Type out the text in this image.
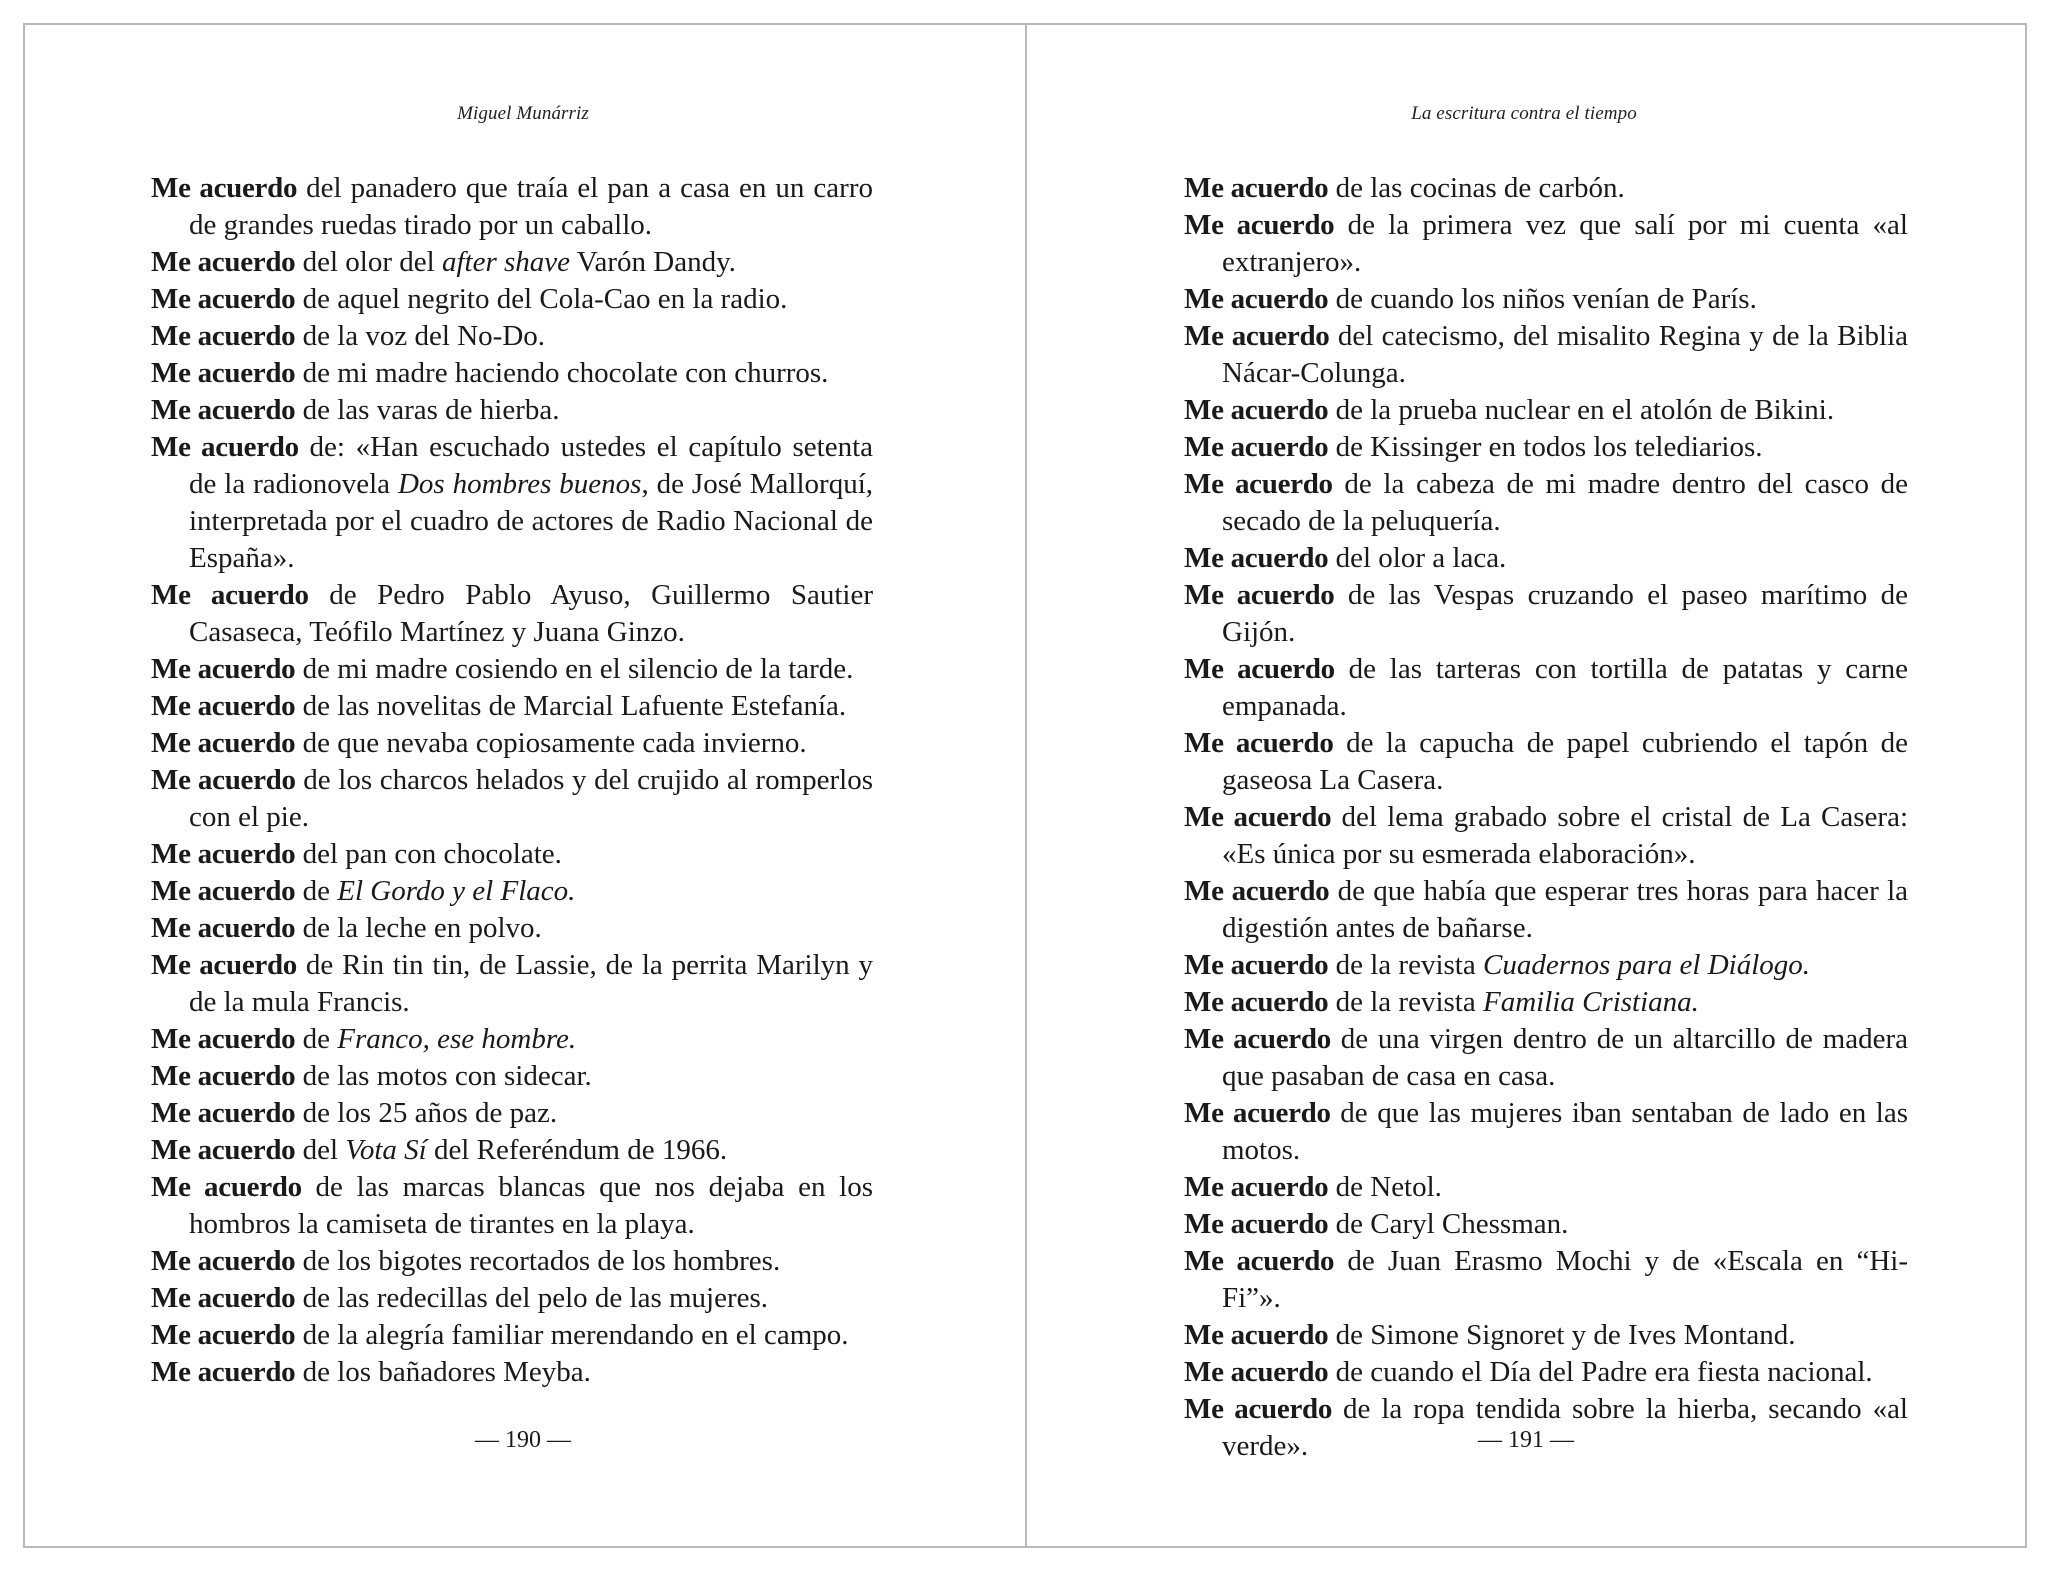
Miguel Munárriz
Me acuerdo del panadero que traía el pan a casa en un carro de grandes ruedas tirado por un caballo.
Me acuerdo del olor del after shave Varón Dandy.
Me acuerdo de aquel negrito del Cola-Cao en la radio.
Me acuerdo de la voz del No-Do.
Me acuerdo de mi madre haciendo chocolate con churros.
Me acuerdo de las varas de hierba.
Me acuerdo de: «Han escuchado ustedes el capítulo setenta de la radionovela Dos hombres buenos, de José Mallorquí, interpretada por el cuadro de actores de Radio Nacional de España».
Me acuerdo de Pedro Pablo Ayuso, Guillermo Sautier Casaseca, Teófilo Martínez y Juana Ginzo.
Me acuerdo de mi madre cosiendo en el silencio de la tarde.
Me acuerdo de las novelitas de Marcial Lafuente Estefanía.
Me acuerdo de que nevaba copiosamente cada invierno.
Me acuerdo de los charcos helados y del crujido al romperlos con el pie.
Me acuerdo del pan con chocolate.
Me acuerdo de El Gordo y el Flaco.
Me acuerdo de la leche en polvo.
Me acuerdo de Rin tin tin, de Lassie, de la perrita Marilyn y de la mula Francis.
Me acuerdo de Franco, ese hombre.
Me acuerdo de las motos con sidecar.
Me acuerdo de los 25 años de paz.
Me acuerdo del Vota Sí del Referéndum de 1966.
Me acuerdo de las marcas blancas que nos dejaba en los hombros la camiseta de tirantes en la playa.
Me acuerdo de los bigotes recortados de los hombres.
Me acuerdo de las redecillas del pelo de las mujeres.
Me acuerdo de la alegría familiar merendando en el campo.
Me acuerdo de los bañadores Meyba.
— 190 —
La escritura contra el tiempo
Me acuerdo de las cocinas de carbón.
Me acuerdo de la primera vez que salí por mi cuenta «al extranjero».
Me acuerdo de cuando los niños venían de París.
Me acuerdo del catecismo, del misalito Regina y de la Biblia Nácar-Colunga.
Me acuerdo de la prueba nuclear en el atolón de Bikini.
Me acuerdo de Kissinger en todos los telediarios.
Me acuerdo de la cabeza de mi madre dentro del casco de secado de la peluquería.
Me acuerdo del olor a laca.
Me acuerdo de las Vespas cruzando el paseo marítimo de Gijón.
Me acuerdo de las tarteras con tortilla de patatas y carne empanada.
Me acuerdo de la capucha de papel cubriendo el tapón de gaseosa La Casera.
Me acuerdo del lema grabado sobre el cristal de La Casera: «Es única por su esmerada elaboración».
Me acuerdo de que había que esperar tres horas para hacer la digestión antes de bañarse.
Me acuerdo de la revista Cuadernos para el Diálogo.
Me acuerdo de la revista Familia Cristiana.
Me acuerdo de una virgen dentro de un altarcillo de madera que pasaban de casa en casa.
Me acuerdo de que las mujeres iban sentaban de lado en las motos.
Me acuerdo de Netol.
Me acuerdo de Caryl Chessman.
Me acuerdo de Juan Erasmo Mochi y de «Escala en “Hi-Fi”».
Me acuerdo de Simone Signoret y de Ives Montand.
Me acuerdo de cuando el Día del Padre era fiesta nacional.
Me acuerdo de la ropa tendida sobre la hierba, secando «al verde».	— 191 —
